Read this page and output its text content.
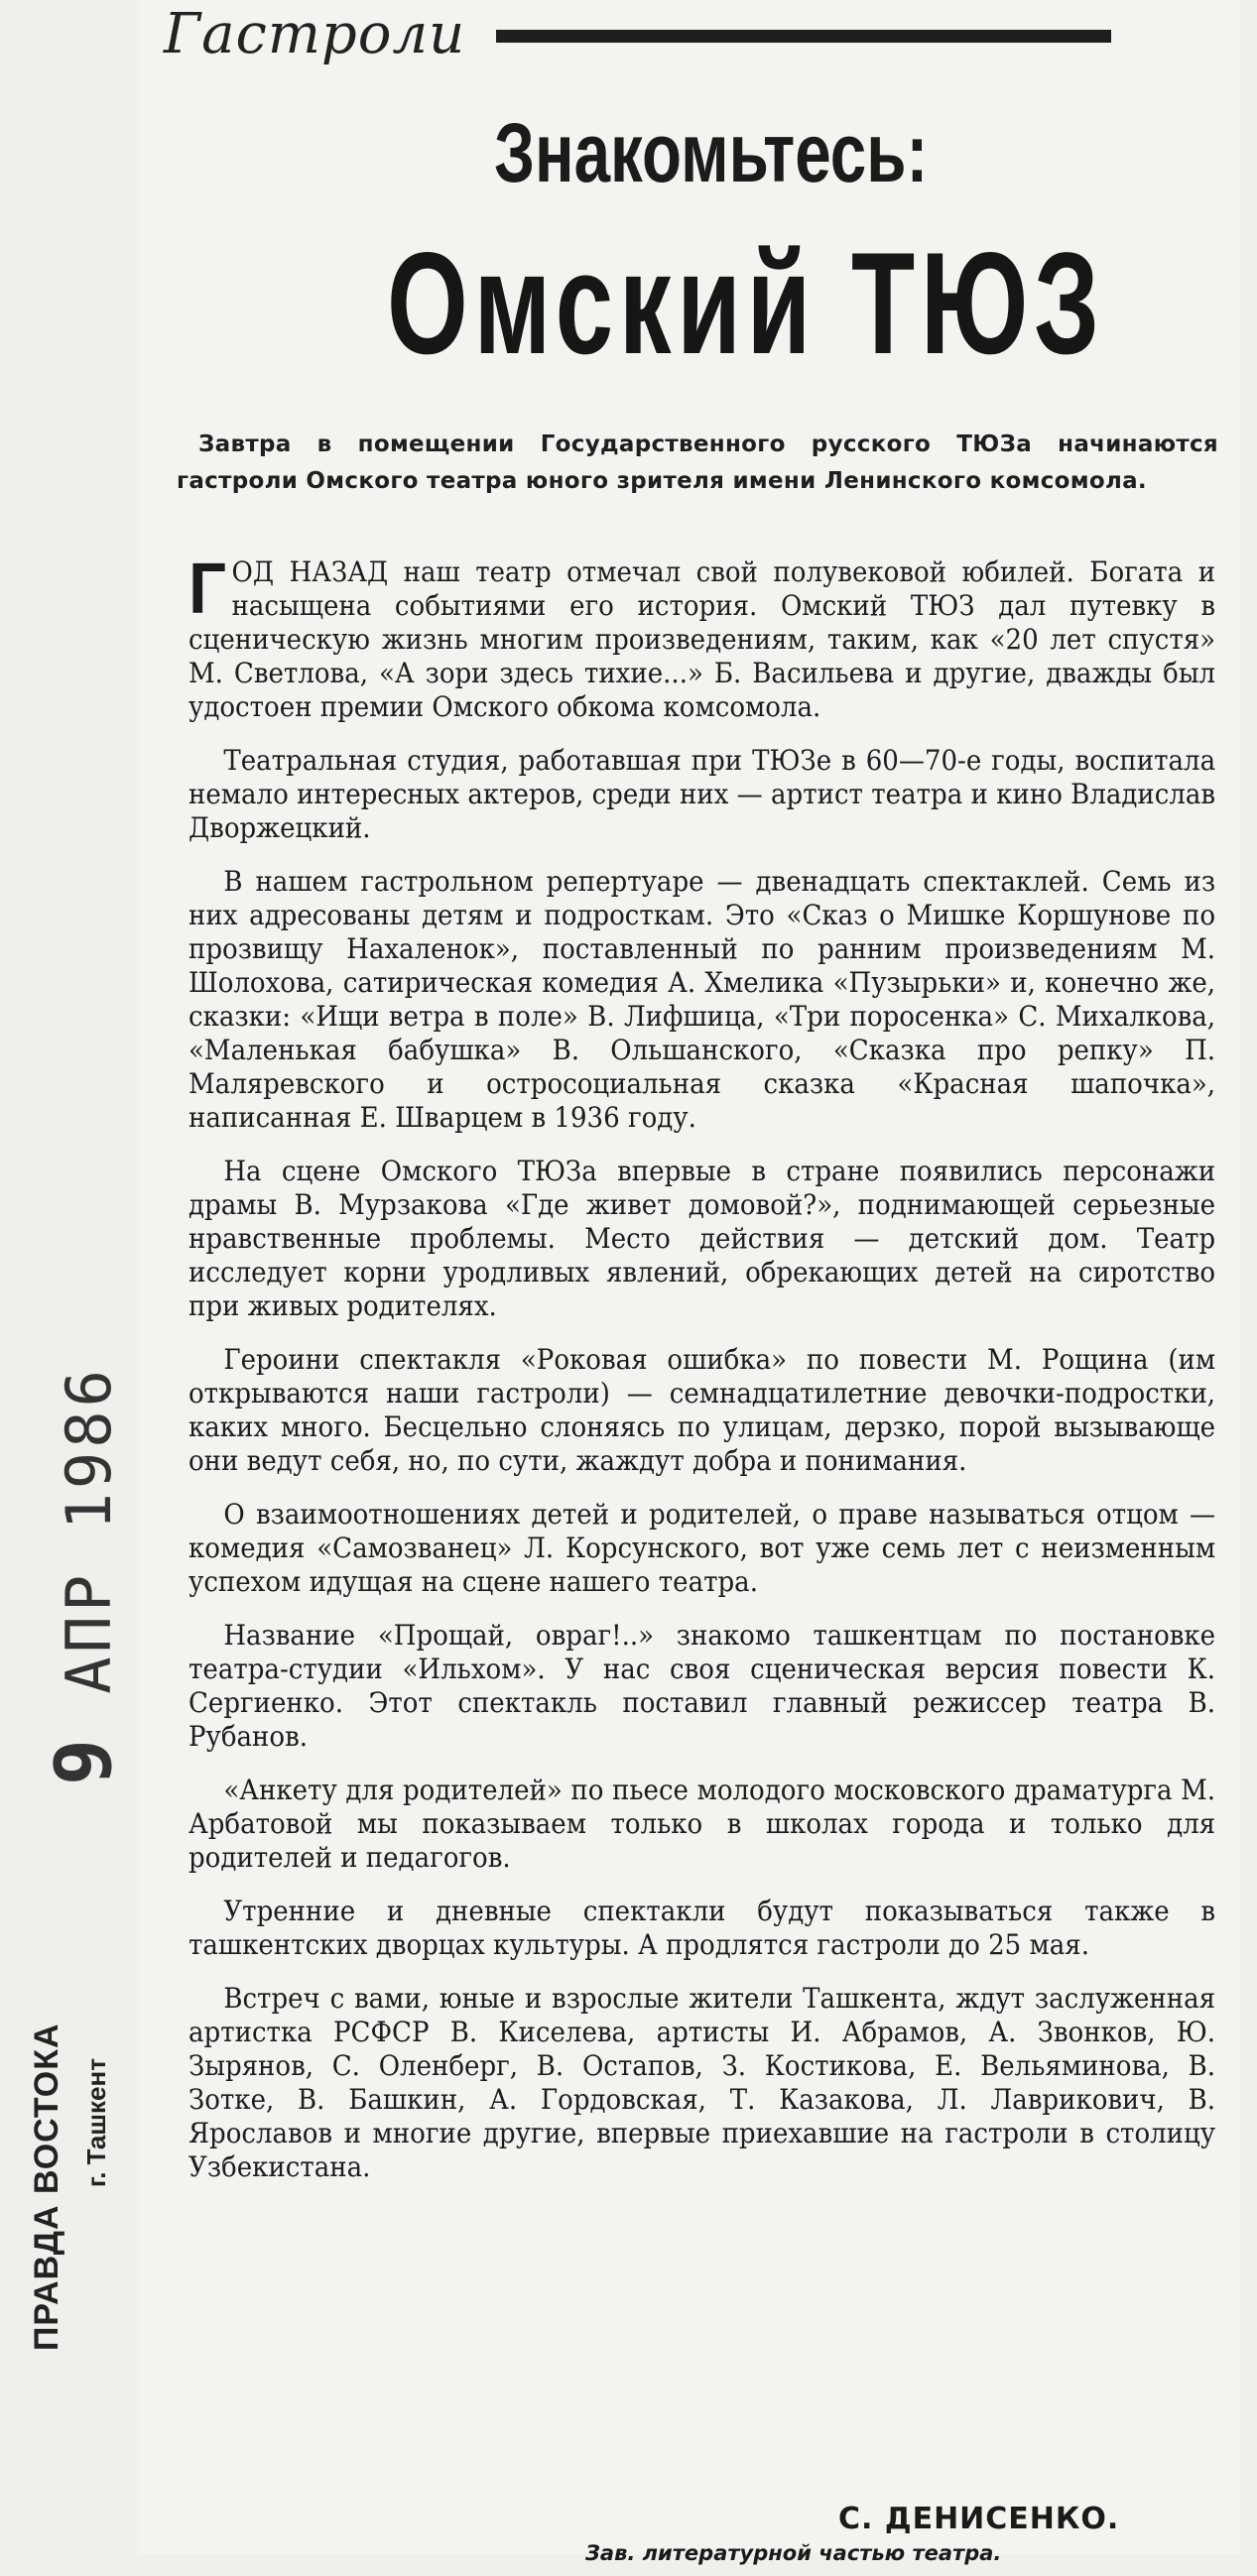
Гастроли
Знакомьтесь:
Омский ТЮЗ
Завтра в помещении Государственного русского ТЮЗа начинаются гастроли Омского театра юного зрителя имени Ленинского комсомола.

ГОД НАЗАД наш театр отмечал свой полувековой юбилей. Богата и насыщена событиями его история. Омский ТЮЗ дал путевку в сценическую жизнь многим произведениям, таким, как «20 лет спустя» М. Светлова, «А зори здесь тихие...» Б. Васильева и другие, дважды был удостоен премии Омского обкома комсомола.

Театральная студия, работавшая при ТЮЗе в 60—70-е годы, воспитала немало интересных актеров, среди них — артист театра и кино Владислав Дворжецкий.

В нашем гастрольном репертуаре — двенадцать спектаклей. Семь из них адресованы детям и подросткам. Это «Сказ о Мишке Коршунове по прозвищу Нахаленок», поставленный по ранним произведениям М. Шолохова, сатирическая комедия А. Хмелика «Пузырьки» и, конечно же, сказки: «Ищи ветра в поле» В. Лифшица, «Три поросенка» С. Михалкова, «Маленькая бабушка» В. Ольшанского, «Сказка про репку» П. Маляревского и остросоциальная сказка «Красная шапочка», написанная Е. Шварцем в 1936 году.

На сцене Омского ТЮЗа впервые в стране появились персонажи драмы В. Мурзакова «Где живет домовой?», поднимающей серьезные нравственные проблемы. Место действия — детский дом. Театр исследует корни уродливых явлений, обрекающих детей на сиротство при живых родителях.

Героини спектакля «Роковая ошибка» по повести М. Рощина (им открываются наши гастроли) — семнадцатилетние девочки-подростки, каких много. Бесцельно слоняясь по улицам, дерзко, порой вызывающе они ведут себя, но, по сути, жаждут добра и понимания.

О взаимоотношениях детей и родителей, о праве называться отцом — комедия «Самозванец» Л. Корсунского, вот уже семь лет с неизменным успехом идущая на сцене нашего театра.

Название «Прощай, овраг!..» знакомо ташкентцам по постановке театра-студии «Ильхом». У нас своя сценическая версия повести К. Сергиенко. Этот спектакль поставил главный режиссер театра В. Рубанов.

«Анкету для родителей» по пьесе молодого московского драматурга М. Арбатовой мы показываем только в школах города и только для родителей и педагогов.

Утренние и дневные спектакли будут показываться также в ташкентских дворцах культуры. А продлятся гастроли до 25 мая.

Встреч с вами, юные и взрослые жители Ташкента, ждут заслуженная артистка РСФСР В. Киселева, артисты И. Абрамов, А. Звонков, Ю. Зырянов, С. Оленберг, В. Остапов, З. Костикова, Е. Вельяминова, В. Зотке, В. Башкин, А. Гордовская, Т. Казакова, Л. Лаврикович, В. Ярославов и многие другие, впервые приехавшие на гастроли в столицу Узбекистана.

С. ДЕНИСЕНКО.
Зав. литературной частью театра.
9 АПР 1986
ПРАВДА ВОСТОКА г. Ташкент
